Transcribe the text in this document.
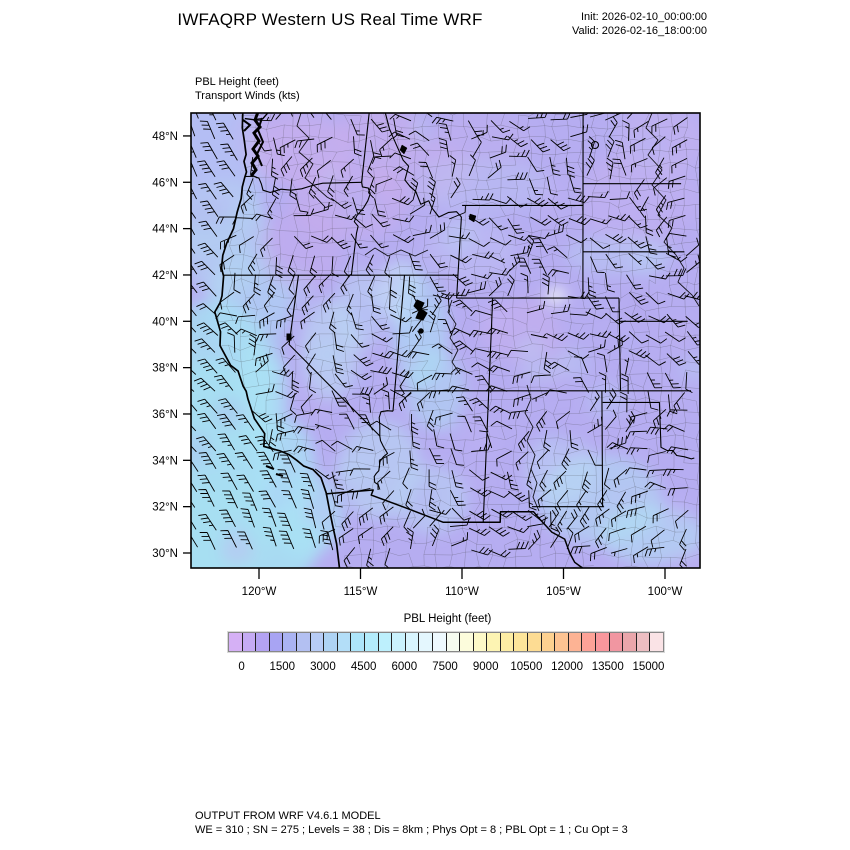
IWFAQRP Western US Real Time WRF	Init: 2026-02-10_00:00:00
Valid: 2026-02-16_18:00:00
PBL Height (feet)
Transport Winds (kts)
48°N
46°N
44°N
42°N
40°N
38°N
36°N
34°N
32°N
30°N
120°W	115°W	110°W	105°W	100°W
PBL Height (feet)
0	1500	3000	4500	6000	7500	9000	10500 12000 13500 15000
OUTPUT FROM WRF V4.6.1 MODEL
WE = 310 ; SN = 275 ; Levels = 38 ; Dis = 8km ; Phys Opt = 8 ; PBL Opt = 1 ; Cu Opt = 3
